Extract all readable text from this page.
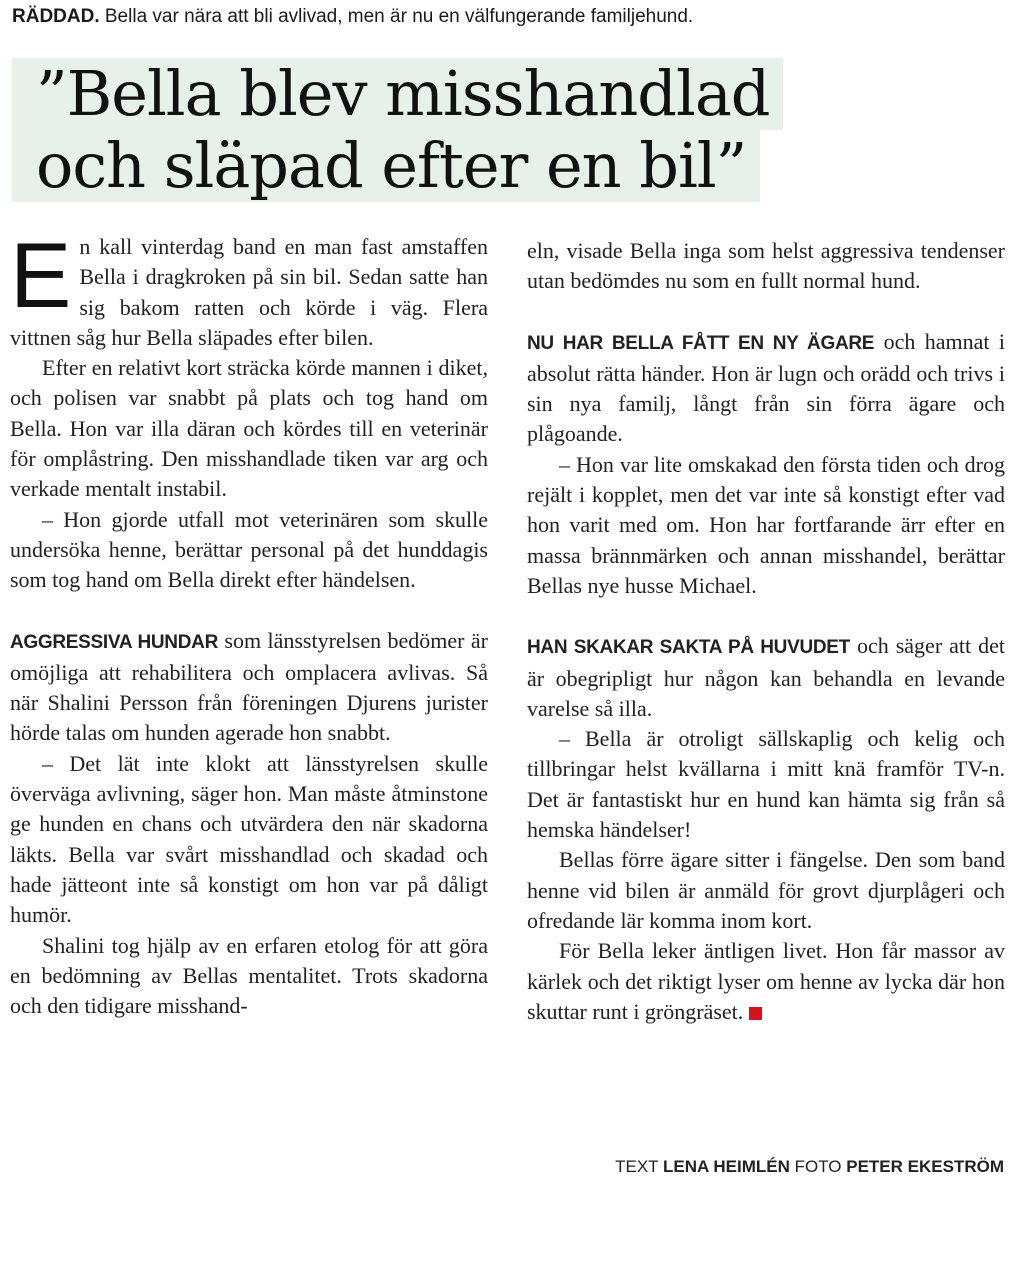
RÄDDAD. Bella var nära att bli avlivad, men är nu en välfungerande familjehund.
”Bella blev misshandlad
och släpad efter en bil”

En kall vinterdag band en man fast amstaffen Bella i dragkroken på sin bil. Sedan satte han sig bakom ratten och körde i väg. Flera vittnen såg hur Bella släpades efter bilen.

Efter en relativt kort sträcka körde mannen i diket, och polisen var snabbt på plats och tog hand om Bella. Hon var illa däran och kördes till en veterinär för omplåstring. Den misshandlade tiken var arg och verkade mentalt instabil.

– Hon gjorde utfall mot veterinären som skulle undersöka henne, berättar personal på det hunddagis som tog hand om Bella direkt efter händelsen.

AGGRESSIVA HUNDAR som länsstyrelsen bedömer är omöjliga att rehabilitera och omplacera avlivas. Så när Shalini Persson från föreningen Djurens jurister hörde talas om hunden agerade hon snabbt.

– Det lät inte klokt att länsstyrelsen skulle överväga avlivning, säger hon. Man måste åtminstone ge hunden en chans och utvärdera den när skadorna läkts. Bella var svårt misshandlad och skadad och hade jätteont inte så konstigt om hon var på dåligt humör.

Shalini tog hjälp av en erfaren etolog för att göra en bedömning av Bellas mentalitet. Trots skadorna och den tidigare misshand-

eln, visade Bella inga som helst aggressiva tendenser utan bedömdes nu som en fullt normal hund.

NU HAR BELLA FÅTT EN NY ÄGARE och hamnat i absolut rätta händer. Hon är lugn och orädd och trivs i sin nya familj, långt från sin förra ägare och plågoande.

– Hon var lite omskakad den första tiden och drog rejält i kopplet, men det var inte så konstigt efter vad hon varit med om. Hon har fortfarande ärr efter en massa brännmärken och annan misshandel, berättar Bellas nye husse Michael.

HAN SKAKAR SAKTA PÅ HUVUDET och säger att det är obegripligt hur någon kan behandla en levande varelse så illa.

– Bella är otroligt sällskaplig och kelig och tillbringar helst kvällarna i mitt knä framför TV-n. Det är fantastiskt hur en hund kan hämta sig från så hemska händelser!

Bellas förre ägare sitter i fängelse. Den som band henne vid bilen är anmäld för grovt djurplågeri och ofredande lär komma inom kort.

För Bella leker äntligen livet. Hon får massor av kärlek och det riktigt lyser om henne av lycka där hon skuttar runt i gröngräset.

TEXT LENA HEIMLÉN FOTO PETER EKESTRÖM
